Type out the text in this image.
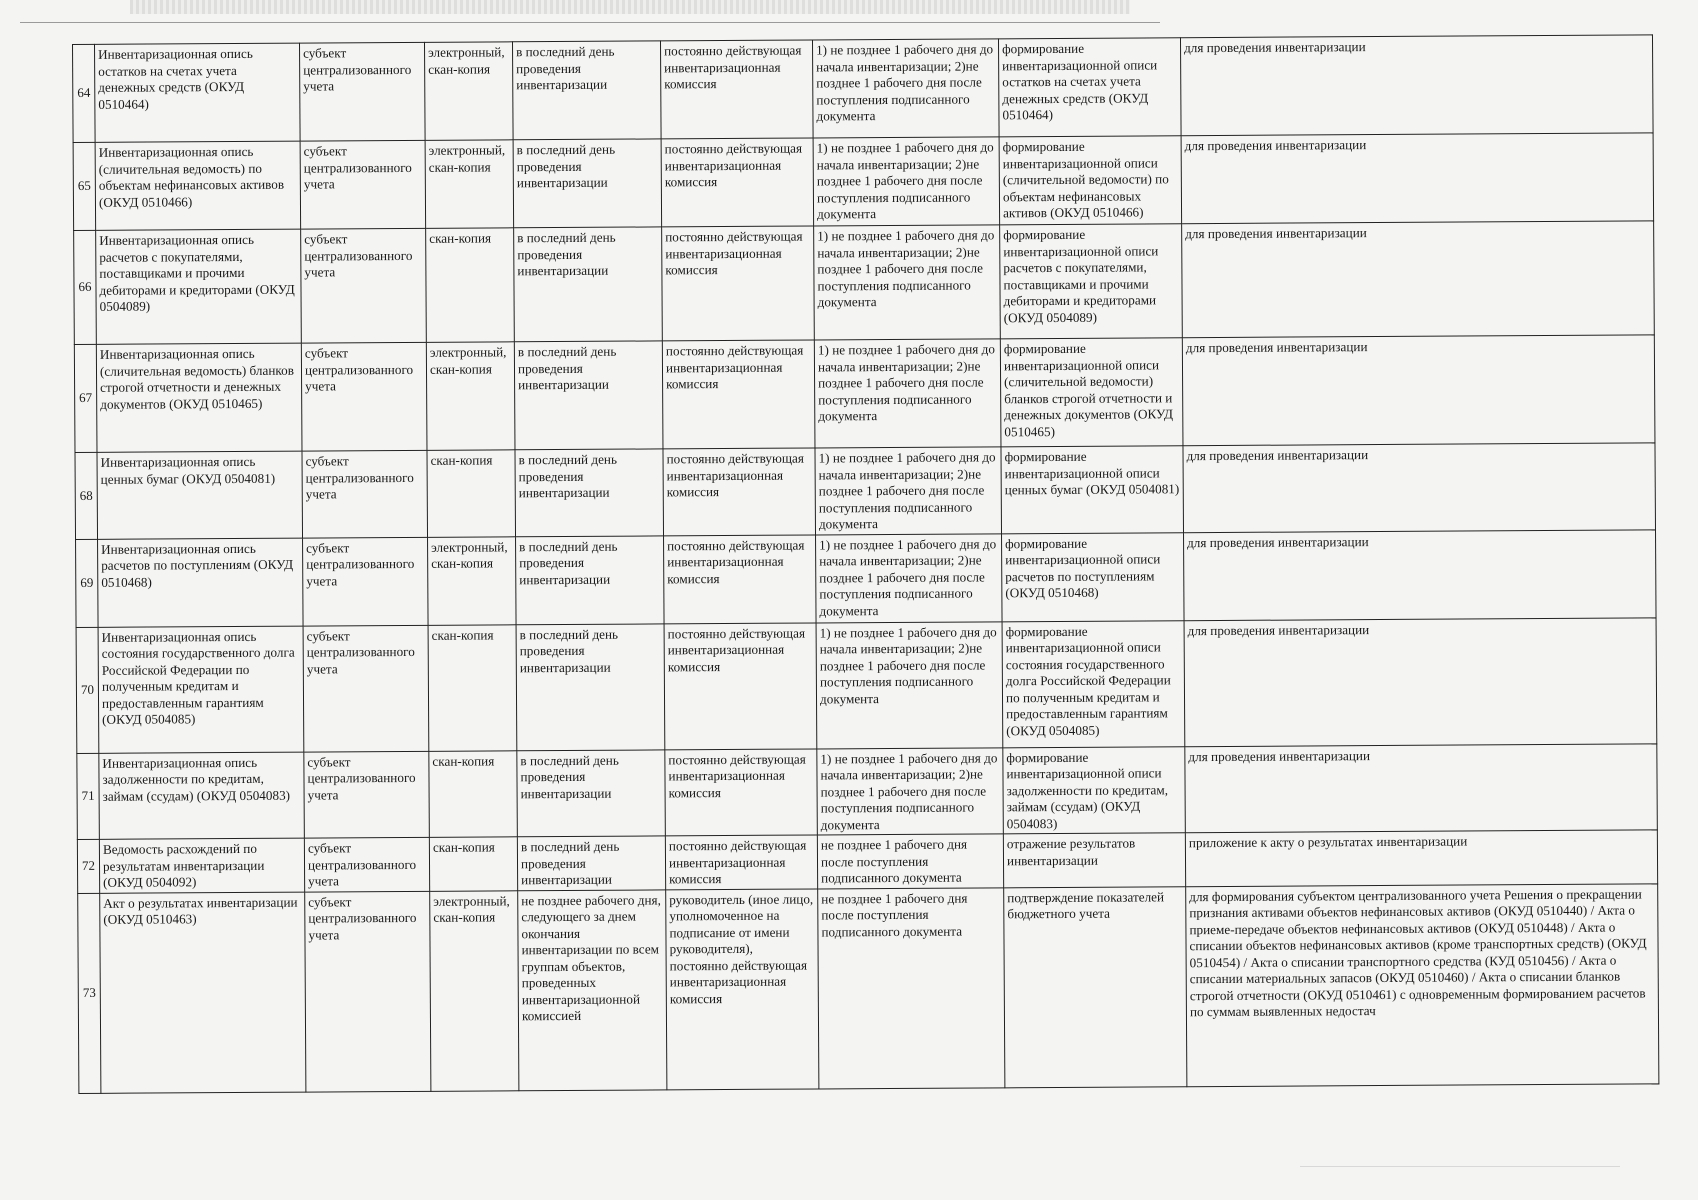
64	Инвентаризационная опись остатков на счетах учета денежных средств (ОКУД 0510464)	субъект централизованного учета	электронный, скан-копия	в последний день проведения инвентаризации	постоянно действующая инвентаризационная комиссия	1) не позднее 1 рабочего дня до начала инвентаризации; 2)не позднее 1 рабочего дня после поступления подписанного документа	формирование инвентаризационной описи остатков на счетах учета денежных средств (ОКУД 0510464)	для проведения инвентаризации
65	Инвентаризационная опись (сличительная ведомость) по объектам нефинансовых активов (ОКУД 0510466)	субъект централизованного учета	электронный, скан-копия	в последний день проведения инвентаризации	постоянно действующая инвентаризационная комиссия	1) не позднее 1 рабочего дня до начала инвентаризации; 2)не позднее 1 рабочего дня после поступления подписанного документа	формирование инвентаризационной описи (сличительной ведомости) по объектам нефинансовых активов (ОКУД 0510466)	для проведения инвентаризации
66	Инвентаризационная опись расчетов с покупателями, поставщиками и прочими дебиторами и кредиторами (ОКУД 0504089)	субъект централизованного учета	скан-копия	в последний день проведения инвентаризации	постоянно действующая инвентаризационная комиссия	1) не позднее 1 рабочего дня до начала инвентаризации; 2)не позднее 1 рабочего дня после поступления подписанного документа	формирование инвентаризационной описи расчетов с покупателями, поставщиками и прочими дебиторами и кредиторами (ОКУД 0504089)	для проведения инвентаризации
67	Инвентаризационная опись (сличительная ведомость) бланков строгой отчетности и денежных документов (ОКУД 0510465)	субъект централизованного учета	электронный, скан-копия	в последний день проведения инвентаризации	постоянно действующая инвентаризационная комиссия	1) не позднее 1 рабочего дня до начала инвентаризации; 2)не позднее 1 рабочего дня после поступления подписанного документа	формирование инвентаризационной описи (сличительной ведомости) бланков строгой отчетности и денежных документов (ОКУД 0510465)	для проведения инвентаризации
68	Инвентаризационная опись ценных бумаг (ОКУД 0504081)	субъект централизованного учета	скан-копия	в последний день проведения инвентаризации	постоянно действующая инвентаризационная комиссия	1) не позднее 1 рабочего дня до начала инвентаризации; 2)не позднее 1 рабочего дня после поступления подписанного документа	формирование инвентаризационной описи ценных бумаг (ОКУД 0504081)	для проведения инвентаризации
69	Инвентаризационная опись расчетов по поступлениям (ОКУД 0510468)	субъект централизованного учета	электронный, скан-копия	в последний день проведения инвентаризации	постоянно действующая инвентаризационная комиссия	1) не позднее 1 рабочего дня до начала инвентаризации; 2)не позднее 1 рабочего дня после поступления подписанного документа	формирование инвентаризационной описи расчетов по поступлениям (ОКУД 0510468)	для проведения инвентаризации
70	Инвентаризационная опись состояния государственного долга Российской Федерации по полученным кредитам и предоставленным гарантиям (ОКУД 0504085)	субъект централизованного учета	скан-копия	в последний день проведения инвентаризации	постоянно действующая инвентаризационная комиссия	1) не позднее 1 рабочего дня до начала инвентаризации; 2)не позднее 1 рабочего дня после поступления подписанного документа	формирование инвентаризационной описи состояния государственного долга Российской Федерации по полученным кредитам и предоставленным гарантиям (ОКУД 0504085)	для проведения инвентаризации
71	Инвентаризационная опись задолженности по кредитам, займам (ссудам) (ОКУД 0504083)	субъект централизованного учета	скан-копия	в последний день проведения инвентаризации	постоянно действующая инвентаризационная комиссия	1) не позднее 1 рабочего дня до начала инвентаризации; 2)не позднее 1 рабочего дня после поступления подписанного документа	формирование инвентаризационной описи задолженности по кредитам, займам (ссудам) (ОКУД 0504083)	для проведения инвентаризации
72	Ведомость расхождений по результатам инвентаризации (ОКУД 0504092)	субъект централизованного учета	скан-копия	в последний день проведения инвентаризации	постоянно действующая инвентаризационная комиссия	не позднее 1 рабочего дня после поступления подписанного документа	отражение результатов инвентаризации	приложение к акту о результатах инвентаризации
73	Акт о результатах инвентаризации (ОКУД 0510463)	субъект централизованного учета	электронный, скан-копия	не позднее рабочего дня, следующего за днем окончания инвентаризации по всем группам объектов, проведенных инвентаризационной комиссией	руководитель (иное лицо, уполномоченное на подписание от имени руководителя), постоянно действующая инвентаризационная комиссия	не позднее 1 рабочего дня после поступления подписанного документа	подтверждение показателей бюджетного учета	для формирования субъектом централизованного учета Решения о прекращении признания активами объектов нефинансовых активов (ОКУД 0510440) / Акта о приеме-передаче объектов нефинансовых активов (ОКУД 0510448) / Акта о списании объектов нефинансовых активов (кроме транспортных средств) (ОКУД 0510454) / Акта о списании транспортного средства (КУД 0510456) / Акта о списании материальных запасов (ОКУД 0510460) / Акта о списании бланков строгой отчетности (ОКУД 0510461) с одновременным формированием расчетов по суммам выявленных недостач
